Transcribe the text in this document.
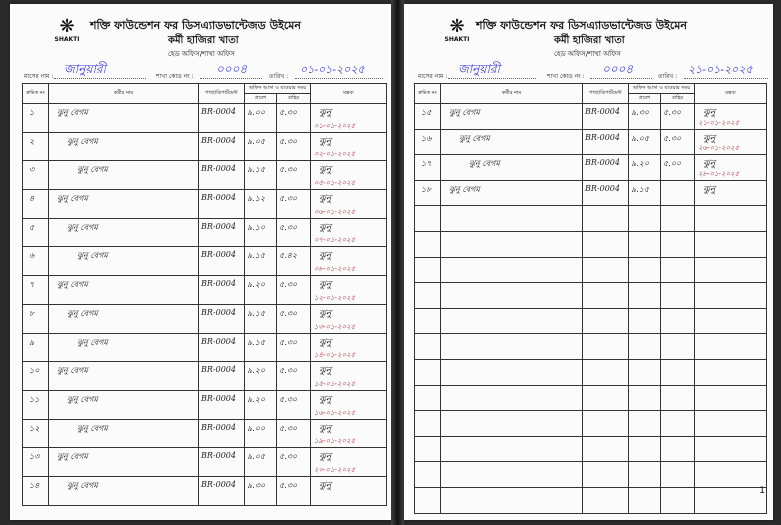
❋
SHAKTI
শক্তি ফাউন্ডেশন ফর ডিসএ্যাডভান্টেজড উইমেন
কর্মী হাজিরা খাতা
হেড অফিস/শাখা অফিস
মাসের নাম :
জানুয়ারী
শাখা কোড নং :
০০০৪
তারিখ :
০১-০১-২০২৫
ক্রমিক নং	কর্মীর নাম	শাখা/ডিপার্টমেন্ট	অফিস আসা ও যাওয়ার সময়		মন্তব্য
			প্রবেশ	বাহির	

১	ঝুনু বেগম	BR-0004	৯.০০	৫.৩০	ঝুনু
০১-০১-২০২৫

২	ঝুনু বেগম	BR-0004	৯.০৫	৫.৩০	ঝুনু
০২-০১-২০২৫

৩	ঝুনু বেগম	BR-0004	৯.১৫	৫.৩০	ঝুনু
০৫-০১-২০২৫

৪	ঝুনু বেগম	BR-0004	৯.১২	৫.৩০	ঝুনু
০৬-০১-২০২৫

৫	ঝুনু বেগম	BR-0004	৯.১০	৫.৩০	ঝুনু
০৭-০১-২০২৫

৬	ঝুনু বেগম	BR-0004	৯.১৫	৫.৪২	ঝুনু
০৮-০১-২০২৫

৭	ঝুনু বেগম	BR-0004	৯.২০	৫.৩০	ঝুনু
১২-০১-২০২৫

৮	ঝুনু বেগম	BR-0004	৯.১৫	৫.৩০	ঝুনু
১৩-০১-২০২৫

৯	ঝুনু বেগম	BR-0004	৯.১৫	৫.৩০	ঝুনু
১৪-০১-২০২৫

১০	ঝুনু বেগম	BR-0004	৯.২০	৫.৩০	ঝুনু
১৫-০১-২০২৫

১১	ঝুনু বেগম	BR-0004	৯.২০	৫.৩০	ঝুনু
১৬-০১-২০২৫

১২	ঝুনু বেগম	BR-0004	৯.০০	৫.৩০	ঝুনু
১৯-০১-২০২৫

১৩	ঝুনু বেগম	BR-0004	৯.০৫	৫.৩০	ঝুনু
২০-০১-২০২৫

১৪	ঝুনু বেগম	BR-0004	৯.৩০	৫.৩০	ঝুনু
❋
SHAKTI
শক্তি ফাউন্ডেশন ফর ডিসএ্যাডভান্টেজড উইমেন
কর্মী হাজিরা খাতা
হেড অফিস/শাখা অফিস
মাসের নাম :
জানুয়ারী
শাখা কোড নং :
০০০৪
তারিখ :
২১-০১-২০২৫
ক্রমিক নং	কর্মীর নাম	শাখা/ডিপার্টমেন্ট	অফিস আসা ও যাওয়ার সময়		মন্তব্য
			প্রবেশ	বাহির	

১৫	ঝুনু বেগম	BR-0004	৯.৩০	৫.৩০	ঝুনু
২১-০১-২০২৫

১৬	ঝুনু বেগম	BR-0004	৯.০৫	৫.৩০	ঝুনু
২৬-০১-২০২৫

১৭	ঝুনু বেগম	BR-0004	৯.২০	৫.০০	ঝুনু
২৮-০১-২০২৫

১৮	ঝুনু বেগম	BR-0004	৯.১৫		ঝুনু

1
